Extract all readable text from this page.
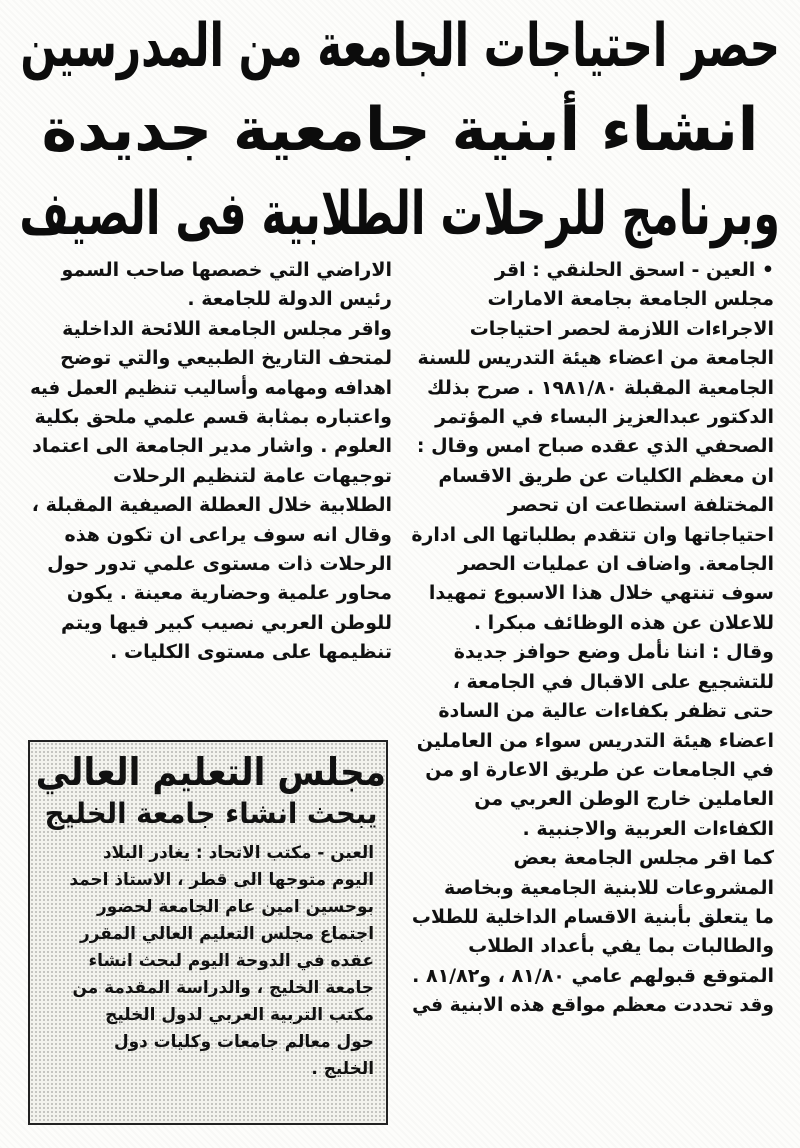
حصر احتياجات الجامعة من المدرسين
انشاء أبنية جامعية جديدة
وبرنامج للرحلات الطلابية فى الصيف

• العين - اسحق الحلنقي : اقر

مجلس الجامعة بجامعة الامارات

الاجراءات اللازمة لحصر احتياجات

الجامعة من اعضاء هيئة التدريس للسنة

الجامعية المقبلة ١٩٨١/٨٠ . صرح بذلك

الدكتور عبدالعزيز البساء في المؤتمر

الصحفي الذي عقده صباح امس وقال :

ان معظم الكليات عن طريق الاقسام

المختلفة استطاعت ان تحصر

احتياجاتها وان تتقدم بطلباتها الى ادارة

الجامعة. واضاف ان عمليات الحصر

سوف تنتهي خلال هذا الاسبوع تمهيدا

للاعلان عن هذه الوظائف مبكرا .

وقال : اننا نأمل وضع حوافز جديدة

للتشجيع على الاقبال في الجامعة ،

حتى تظفر بكفاءات عالية من السادة

اعضاء هيئة التدريس سواء من العاملين

في الجامعات عن طريق الاعارة او من

العاملين خارج الوطن العربي من

الكفاءات العربية والاجنبية .

كما اقر مجلس الجامعة بعض

المشروعات للابنية الجامعية وبخاصة

ما يتعلق بأبنية الاقسام الداخلية للطلاب

والطالبات بما يفي بأعداد الطلاب

المتوقع قبولهم عامي ٨١/٨٠ ، و٨١/٨٢ .

وقد تحددت معظم مواقع هذه الابنية في

الاراضي التي خصصها صاحب السمو

رئيس الدولة للجامعة .

واقر مجلس الجامعة اللائحة الداخلية

لمتحف التاريخ الطبيعي والتي توضح

اهدافه ومهامه وأساليب تنظيم العمل فيه

واعتباره بمثابة قسم علمي ملحق بكلية

العلوم . واشار مدير الجامعة الى اعتماد

توجيهات عامة لتنظيم الرحلات

الطلابية خلال العطلة الصيفية المقبلة ،

وقال انه سوف يراعى ان تكون هذه

الرحلات ذات مستوى علمي تدور حول

محاور علمية وحضارية معينة . يكون

للوطن العربي نصيب كبير فيها ويتم

تنظيمها على مستوى الكليات .

مجلس التعليم العالي
يبحث انشاء جامعة الخليج

العين - مكتب الاتحاد : يغادر البلاد

اليوم متوجها الى قطر ، الاستاذ احمد

بوحسين امين عام الجامعة لحضور

اجتماع مجلس التعليم العالي المقرر

عقده في الدوحة اليوم لبحث انشاء

جامعة الخليج ، والدراسة المقدمة من

مكتب التربية العربي لدول الخليج

حول معالم جامعات وكليات دول

الخليج .
